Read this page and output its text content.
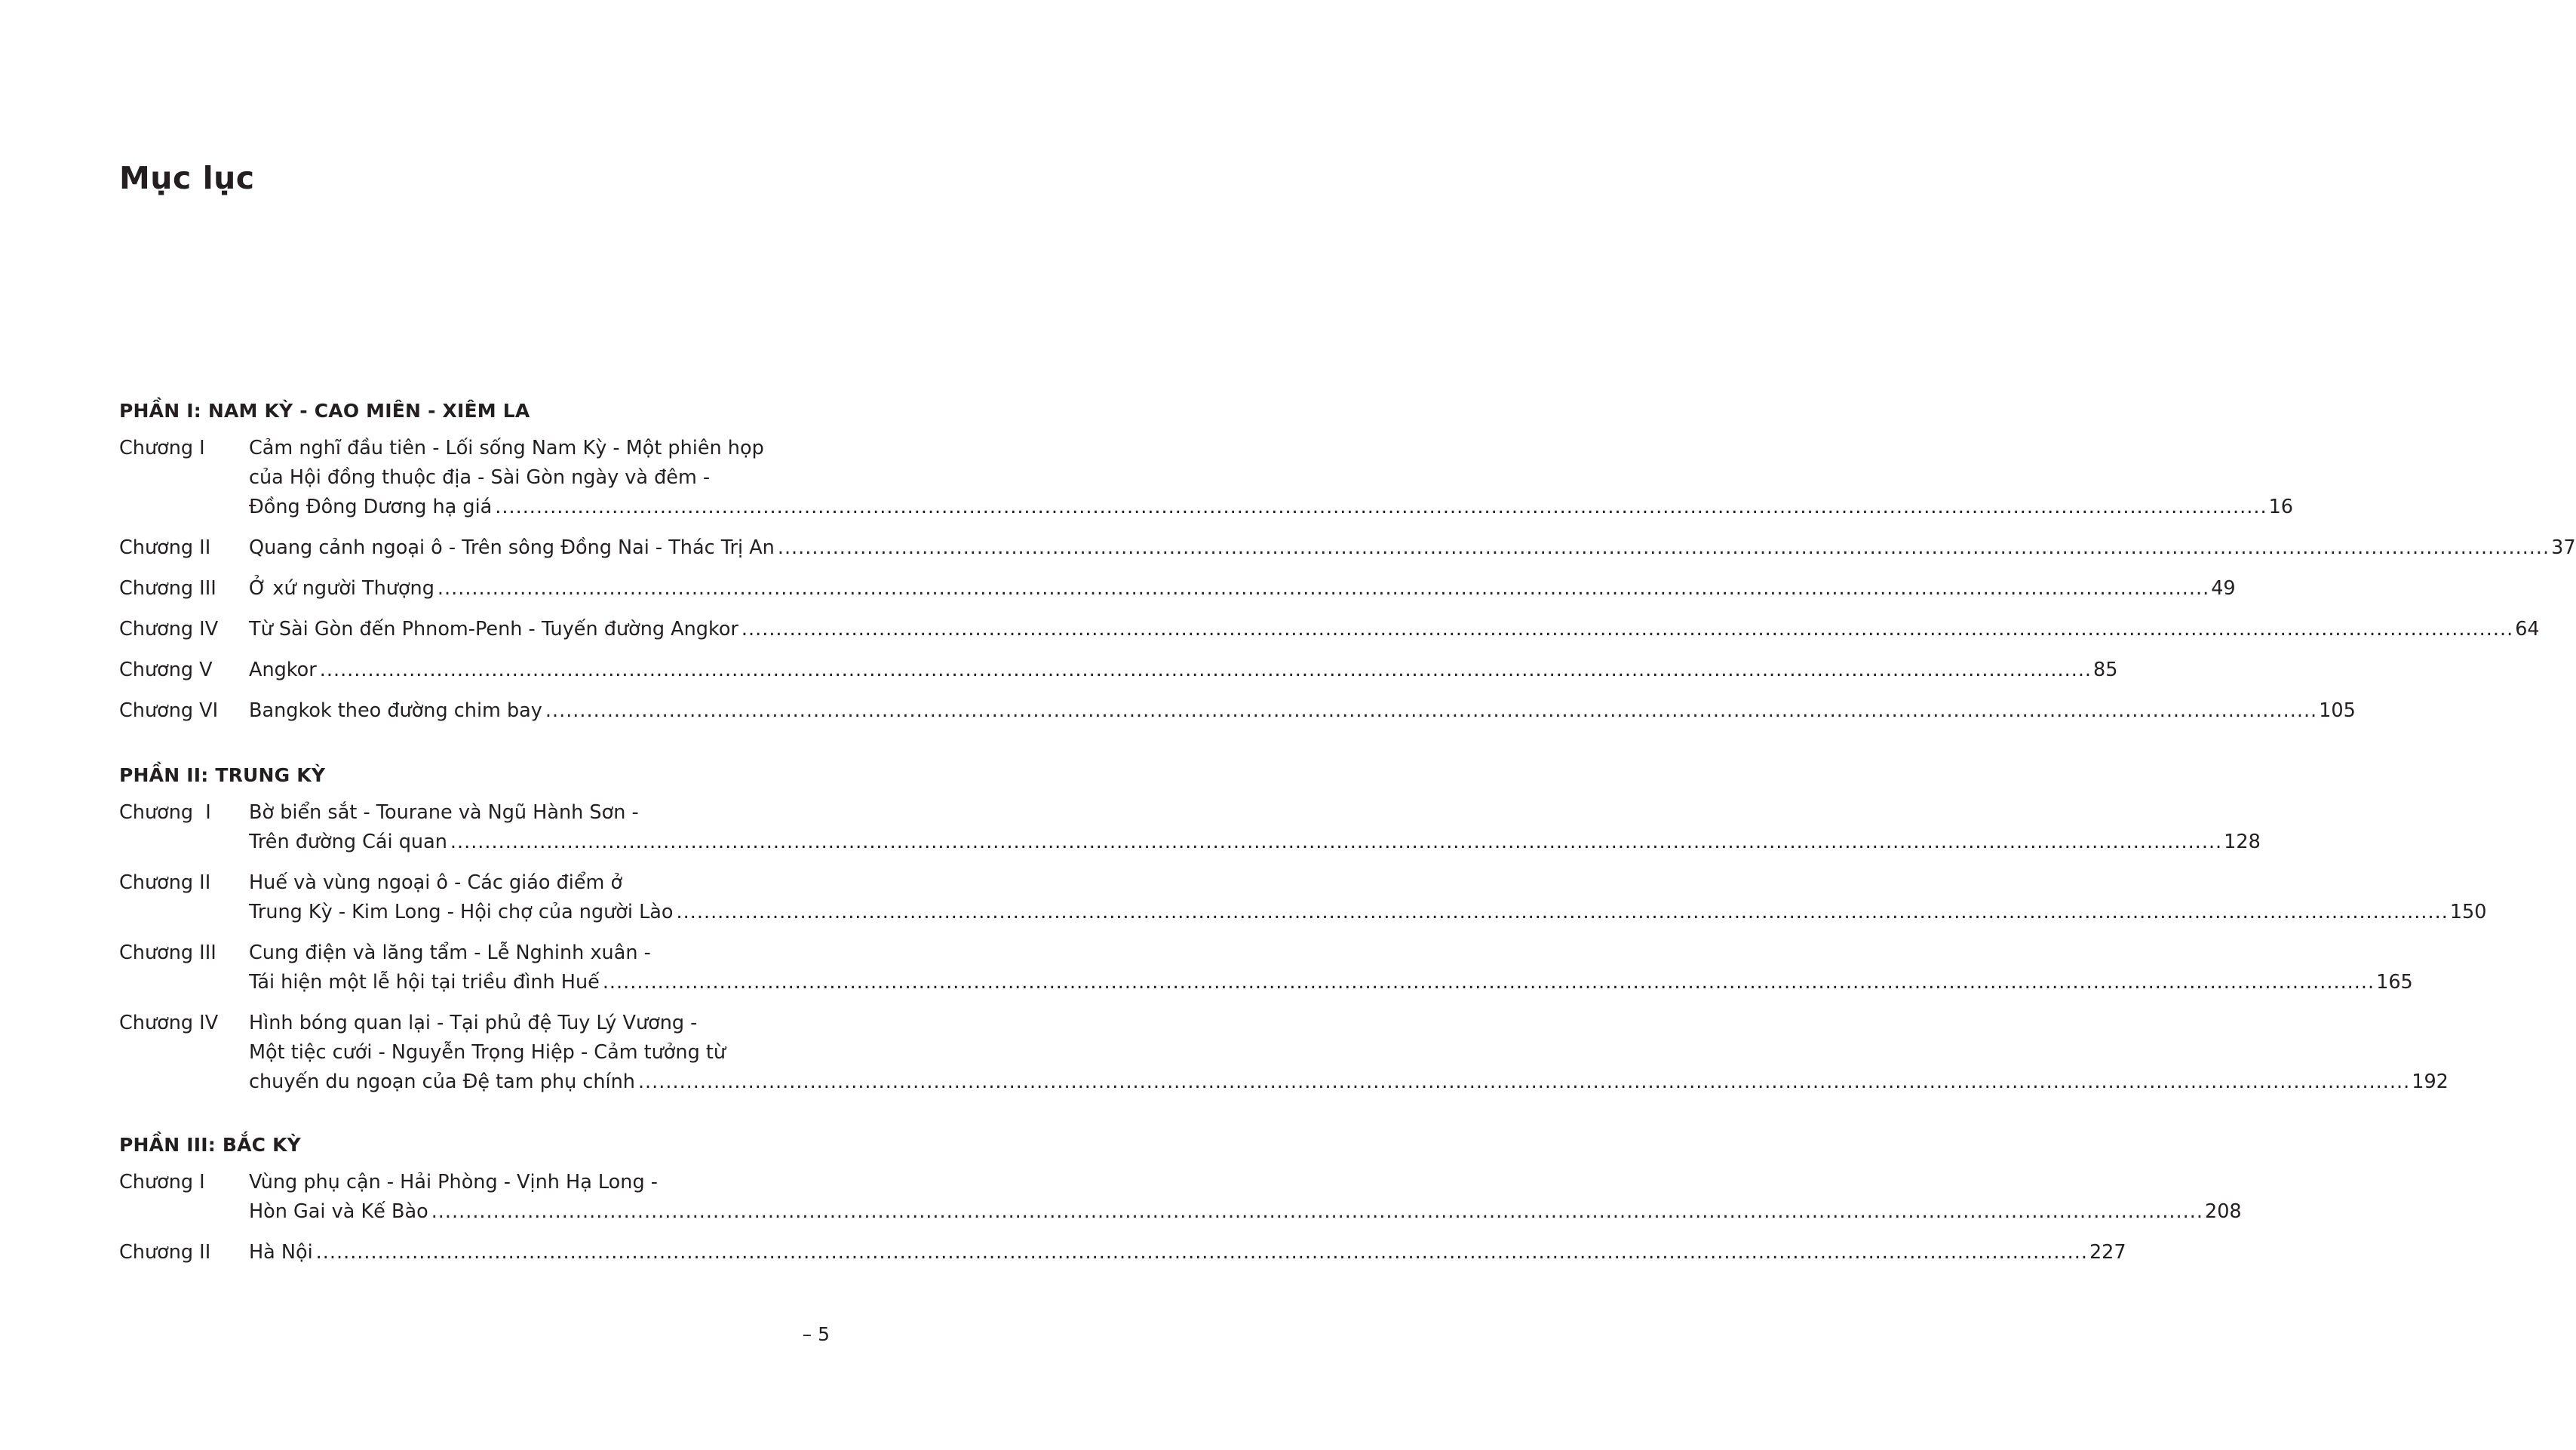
Mục lục
PHẦN I: NAM KỲ - CAO MIÊN - XIÊM LA
Chương I	Cảm nghĩ đầu tiên - Lối sống Nam Kỳ - Một phiên họp
của Hội đồng thuộc địa - Sài Gòn ngày và đêm -
Đồng Đông Dương hạ giá .....	16
Chương II	Quang cảnh ngoại ô - Trên sông Đồng Nai - Thác Trị An .....	37
Chương III	Ở xứ người Thượng .....	49
Chương IV	Từ Sài Gòn đến Phnom-Penh - Tuyến đường Angkor .....	64
Chương V	Angkor .....	85
Chương VI	Bangkok theo đường chim bay .....	105
PHẦN II: TRUNG KỲ
Chương  I	Bờ biển sắt - Tourane và Ngũ Hành Sơn -
Trên đường Cái quan .....	128
Chương II	Huế và vùng ngoại ô - Các giáo điểm ở
Trung Kỳ - Kim Long - Hội chợ của người Lào .....	150
Chương III	Cung điện và lăng tẩm - Lễ Nghinh xuân -
Tái hiện một lễ hội tại triều đình Huế .....	165
Chương IV	Hình bóng quan lại - Tại phủ đệ Tuy Lý Vương -
Một tiệc cưới - Nguyễn Trọng Hiệp - Cảm tưởng từ
chuyến du ngoạn của Đệ tam phụ chính .....	192
PHẦN III: BẮC KỲ
Chương I	Vùng phụ cận - Hải Phòng - Vịnh Hạ Long -
Hòn Gai và Kế Bào .....	208
Chương II	Hà Nội .....	227
– 5
